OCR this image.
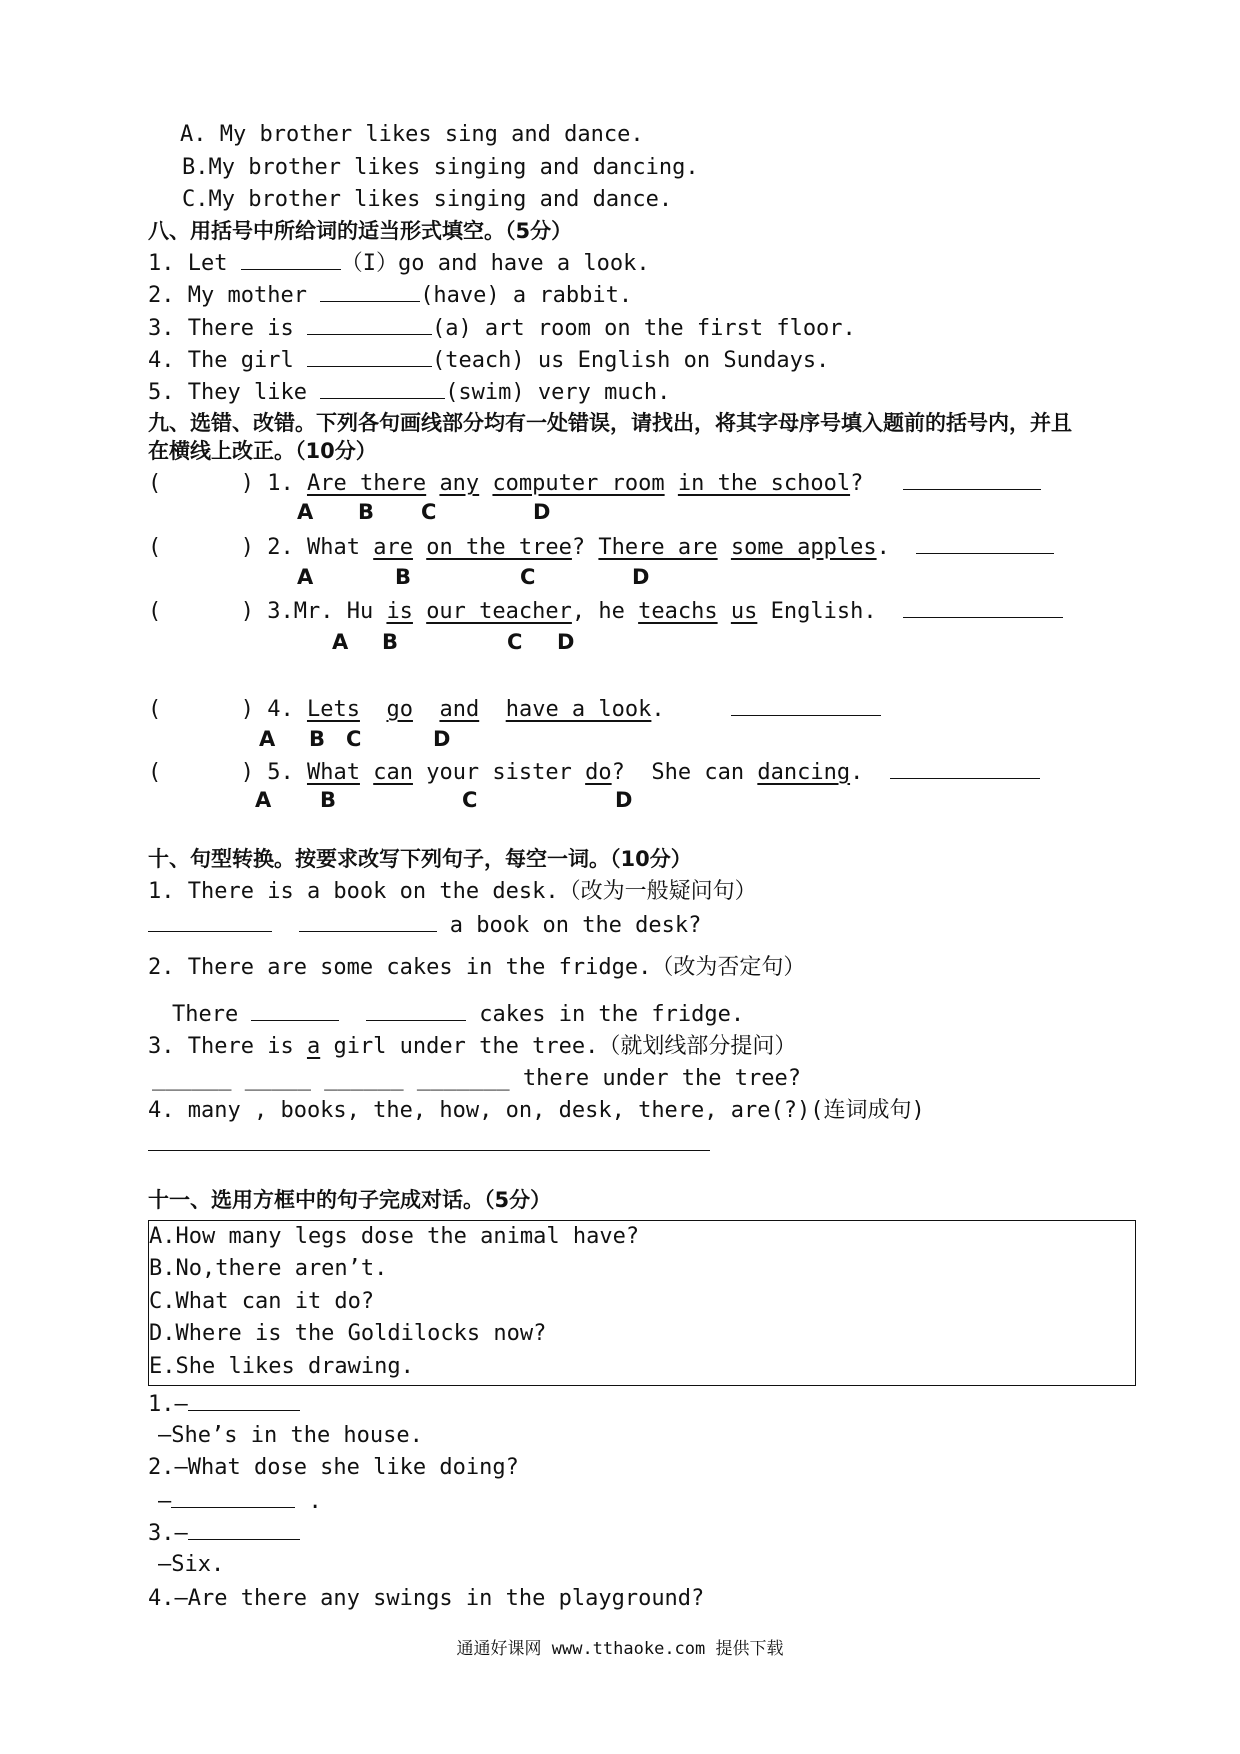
A. My brother likes sing and dance.
B.My brother likes singing and dancing.
C.My brother likes singing and dance.
八、用括号中所给词的适当形式填空。（5分）
1. Let	（I）go and have a look.
2. My mother	(have) a rabbit.
3. There is	(a) art room on the first floor.
4. The girl	(teach) us English on Sundays.
5. They like	(swim) very much.
九、选错、改错。下列各句画线部分均有一处错误，请找出，将其字母序号填入题前的括号内，并且
在横线上改正。（10分）
(      ) 1. Are there any computer room in the school?
A B C	D
(      ) 2. What are on the tree? There are some apples.
A	B	C	D
(      ) 3.Mr. Hu is our teacher, he teachs us English.
A B	C D
(      ) 4. Lets go and have a look.
A B C	D
(      ) 5. What can your sister do?  She can dancing.
A B	C	D
十、句型转换。按要求改写下列句子，每空一词。（10分）
1. There is a book on the desk.（改为一般疑问句）
a book on the desk?
2. There are some cakes in the fridge.（改为否定句）
There	cakes in the fridge.
3. There is a girl under the tree.（就划线部分提问）
______ _____ ______ _______ there under the tree?
4. many , books, the, how, on, desk, there, are(?)(连词成句)
十一、选用方框中的句子完成对话。（5分）
A.How many legs dose the animal have?
B.No,there aren’t.
C.What can it do?
D.Where is the Goldilocks now?
E.She likes drawing.
1.—
—She’s in the house.
2.—What dose she like doing?
—	.
3.—
—Six.
4.—Are there any swings in the playground?
通通好课网 www.tthaoke.com 提供下载
